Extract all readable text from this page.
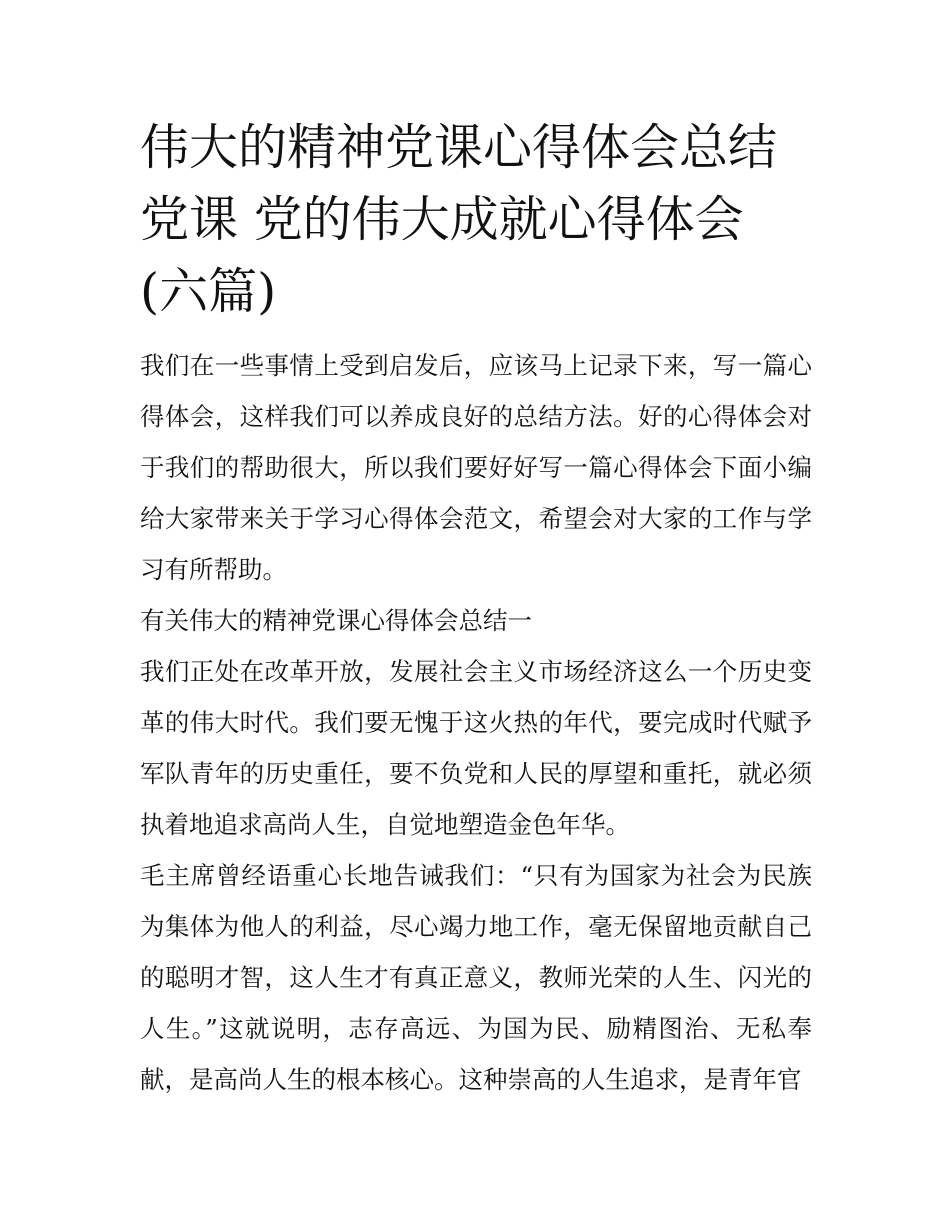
伟大的精神党课心得体会总结党课 党的伟大成就心得体会(六篇)

我们在一些事情上受到启发后，应该马上记录下来，写一篇心得体会，这样我们可以养成良好的总结方法。好的心得体会对于我们的帮助很大，所以我们要好好写一篇心得体会下面小编给大家带来关于学习心得体会范文，希望会对大家的工作与学习有所帮助。

有关伟大的精神党课心得体会总结一

我们正处在改革开放，发展社会主义市场经济这么一个历史变革的伟大时代。我们要无愧于这火热的年代，要完成时代赋予军队青年的历史重任，要不负党和人民的厚望和重托，就必须执着地追求高尚人生，自觉地塑造金色年华。

毛主席曾经语重心长地告诫我们：“只有为国家为社会为民族为集体为他人的利益，尽心竭力地工作，毫无保留地贡献自己的聪明才智，这人生才有真正意义，教师光荣的人生、闪光的人生。”这就说明，志存高远、为国为民、励精图治、无私奉献，是高尚人生的根本核心。这种崇高的人生追求，是青年官
